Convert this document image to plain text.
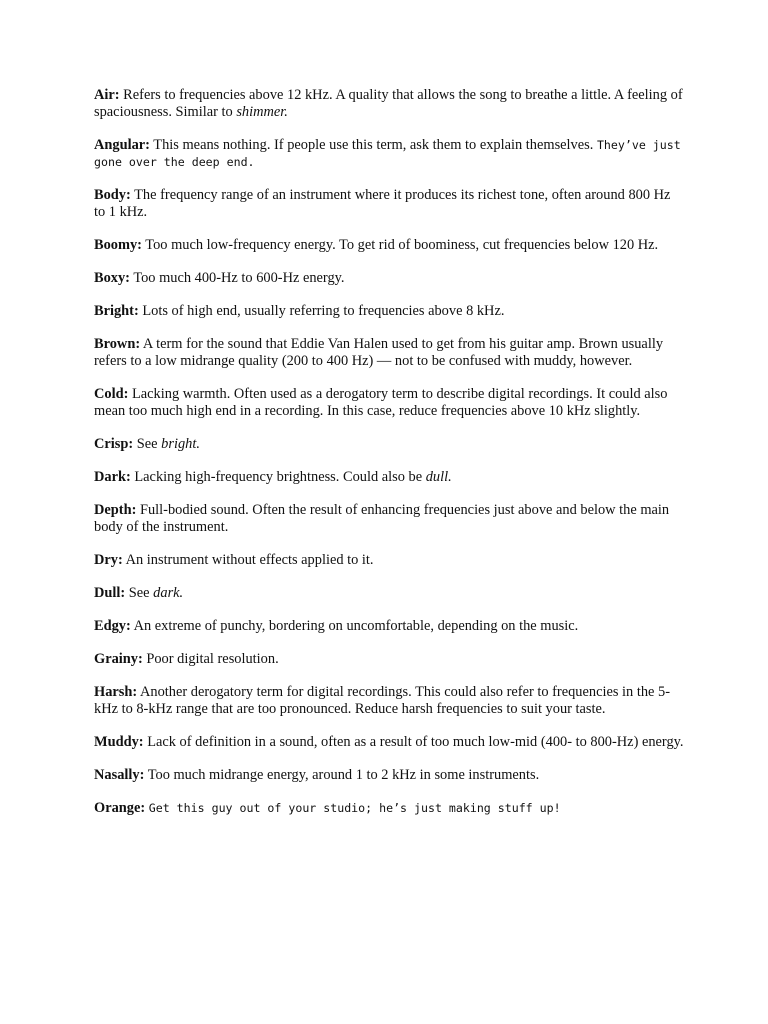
Air: Refers to frequencies above 12 kHz. A quality that allows the song to breathe a little. A feeling of spaciousness. Similar to shimmer.

Angular: This means nothing. If people use this term, ask them to explain themselves. They’ve just gone over the deep end.

Body: The frequency range of an instrument where it produces its richest tone, often around 800 Hz to 1 kHz.

Boomy: Too much low-frequency energy. To get rid of boominess, cut frequencies below 120 Hz.

Boxy: Too much 400-Hz to 600-Hz energy.

Bright: Lots of high end, usually referring to frequencies above 8 kHz.

Brown: A term for the sound that Eddie Van Halen used to get from his guitar amp. Brown usually refers to a low midrange quality (200 to 400 Hz) — not to be confused with muddy, however.

Cold: Lacking warmth. Often used as a derogatory term to describe digital recordings. It could also mean too much high end in a recording. In this case, reduce frequencies above 10 kHz slightly.

Crisp: See bright.

Dark: Lacking high-frequency brightness. Could also be dull.

Depth: Full-bodied sound. Often the result of enhancing frequencies just above and below the main body of the instrument.

Dry: An instrument without effects applied to it.

Dull: See dark.

Edgy: An extreme of punchy, bordering on uncomfortable, depending on the music.

Grainy: Poor digital resolution.

Harsh: Another derogatory term for digital recordings. This could also refer to frequencies in the 5-kHz to 8-kHz range that are too pronounced. Reduce harsh frequencies to suit your taste.

Muddy: Lack of definition in a sound, often as a result of too much low-mid (400- to 800-Hz) energy.

Nasally: Too much midrange energy, around 1 to 2 kHz in some instruments.

Orange: Get this guy out of your studio; he’s just making stuff up!
